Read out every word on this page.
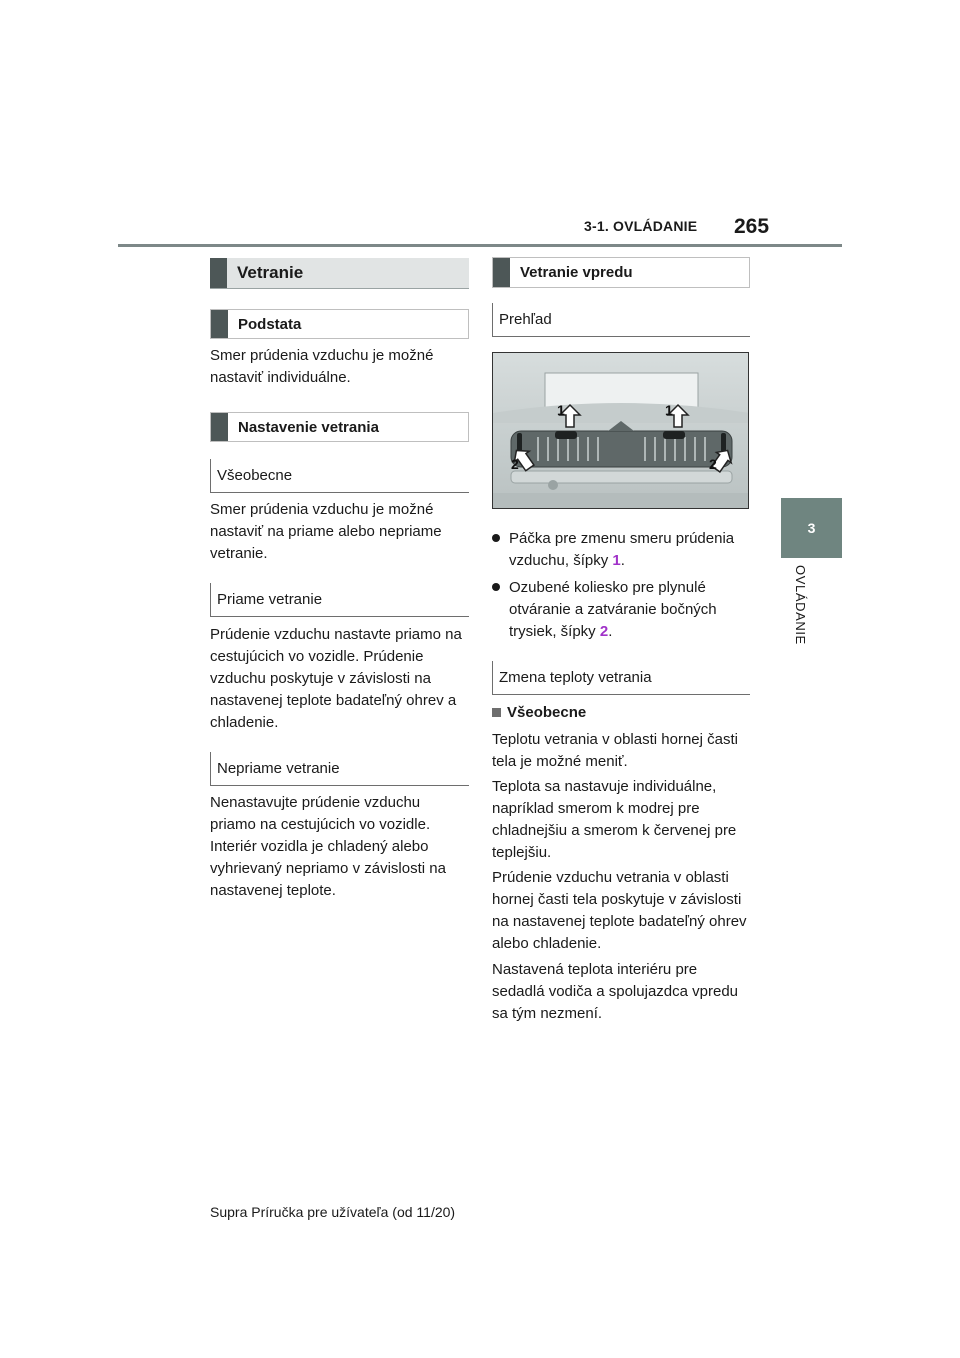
3-1. OVLÁDANIE 265
3
OVLÁDANIE
Vetranie
Podstata
Smer prúdenia vzduchu je možné nastaviť individuálne.
Nastavenie vetrania
Všeobecne
Smer prúdenia vzduchu je možné nastaviť na priame alebo nepriame vetranie.
Priame vetranie
Prúdenie vzduchu nastavte priamo na cestujúcich vo vozidle. Prúdenie vzduchu poskytuje v závislosti na nastavenej teplote badateľný ohrev a chladenie.
Nepriame vetranie
Nenastavujte prúdenie vzduchu priamo na cestujúcich vo vozidle. Interiér vozidla je chladený alebo vyhrievaný nepriamo v závislosti na nastavenej teplote.
Vetranie vpredu
Prehľad
1	1
2	2
Páčka pre zmenu smeru prúdenia vzduchu, šípky 1.
Ozubené koliesko pre plynulé otváranie a zatváranie bočných trysiek, šípky 2.
Zmena teploty vetrania
Všeobecne
Teplotu vetrania v oblasti hornej časti tela je možné meniť.
Teplota sa nastavuje individuálne, napríklad smerom k modrej pre chladnejšiu a smerom k červenej pre teplejšiu.
Prúdenie vzduchu vetrania v oblasti hornej časti tela poskytuje v závislosti na nastavenej teplote badateľný ohrev alebo chladenie.
Nastavená teplota interiéru pre sedadlá vodiča a spolujazdca vpredu sa tým nezmení.
Supra Príručka pre užívateľa (od 11/20)
